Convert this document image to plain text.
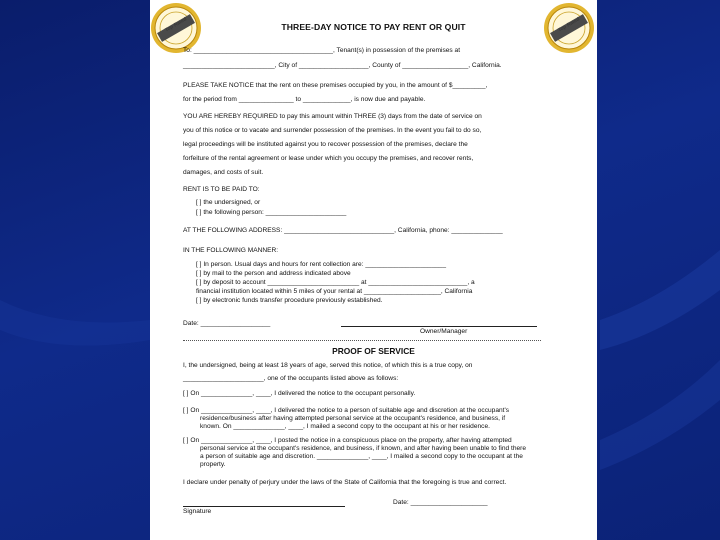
Top Rated	Top Rated
THREE-DAY NOTICE TO PAY RENT OR QUIT
To: ______________________________________, Tenant(s) in possession of the premises at
_________________________, City of ___________________, County of __________________, California.
PLEASE TAKE NOTICE that the rent on these premises occupied by you, in the amount of $_________,
for the period from _______________ to _____________, is now due and payable.
YOU ARE HEREBY REQUIRED to pay this amount within THREE (3) days from the date of service on
you of this notice or to vacate and surrender possession of the premises. In the event you fail to do so,
legal proceedings will be instituted against you to recover possession of the premises, declare the
forfeiture of the rental agreement or lease under which you occupy the premises, and recover rents,
damages, and costs of suit.
RENT IS TO BE PAID TO:
[ ] the undersigned, or
[ ] the following person: ______________________
AT THE FOLLOWING ADDRESS: ______________________________, California, phone: ______________
IN THE FOLLOWING MANNER:
[ ] In person. Usual days and hours for rent collection are: ______________________
[ ] by mail to the person and address indicated above
[ ] by deposit to account _________________________ at ___________________________, a
financial institution located within 5 miles of your rental at _____________________, California
[ ] by electronic funds transfer procedure previously established.
Date: ___________________
Owner/Manager
PROOF OF SERVICE
I, the undersigned, being at least 18 years of age, served this notice, of which this is a true copy, on
______________________, one of the occupants listed above as follows:
[ ] On ______________, ____, I delivered the notice to the occupant personally.
[ ] On ______________, ____, I delivered the notice to a person of suitable age and discretion at the occupant's
residence/business after having attempted personal service at the occupant's residence, and business, if
known. On ______________, ____, I mailed a second copy to the occupant at his or her residence.
[ ] On ______________, ____, I posted the notice in a conspicuous place on the property, after having attempted
personal service at the occupant's residence, and business, if known, and after having been unable to find there
a person of suitable age and discretion. ______________, ____, I mailed a second copy to the occupant at the
property.
I declare under penalty of perjury under the laws of the State of California that the foregoing is true and correct.
Signature
Date: _____________________
